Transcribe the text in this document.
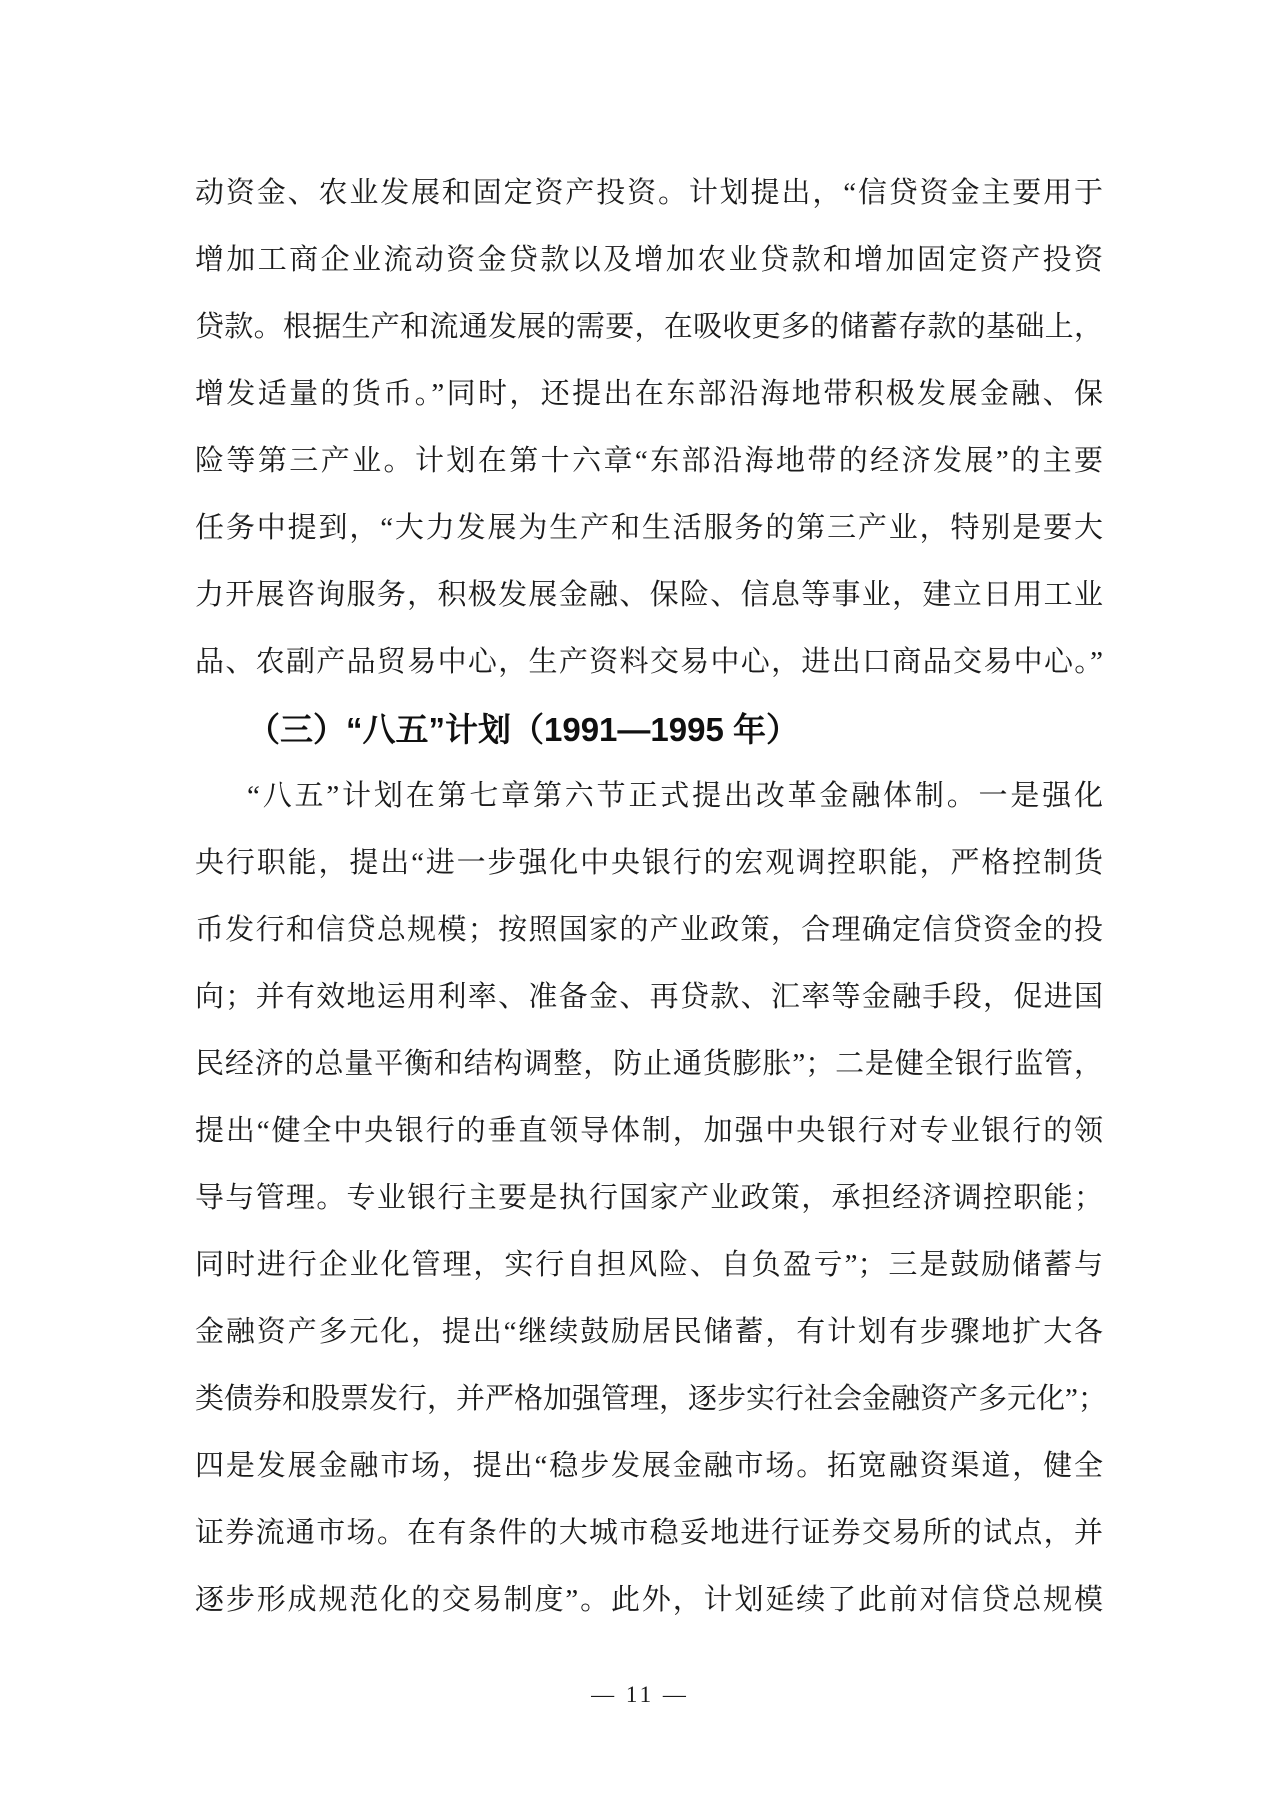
动资金、农业发展和固定资产投资。计划提出，“信贷资金主要用于

增加工商企业流动资金贷款以及增加农业贷款和增加固定资产投资

贷款。根据生产和流通发展的需要，在吸收更多的储蓄存款的基础上，

增发适量的货币。”同时，还提出在东部沿海地带积极发展金融、保

险等第三产业。计划在第十六章“东部沿海地带的经济发展”的主要

任务中提到，“大力发展为生产和生活服务的第三产业，特别是要大

力开展咨询服务，积极发展金融、保险、信息等事业，建立日用工业

品、农副产品贸易中心，生产资料交易中心，进出口商品交易中心。”

（三）“八五”计划（1991—1995 年）

“八五”计划在第七章第六节正式提出改革金融体制。一是强化

央行职能，提出“进一步强化中央银行的宏观调控职能，严格控制货

币发行和信贷总规模；按照国家的产业政策，合理确定信贷资金的投

向；并有效地运用利率、准备金、再贷款、汇率等金融手段，促进国

民经济的总量平衡和结构调整，防止通货膨胀”；二是健全银行监管，

提出“健全中央银行的垂直领导体制，加强中央银行对专业银行的领

导与管理。专业银行主要是执行国家产业政策，承担经济调控职能；

同时进行企业化管理，实行自担风险、自负盈亏”；三是鼓励储蓄与

金融资产多元化，提出“继续鼓励居民储蓄，有计划有步骤地扩大各

类债券和股票发行，并严格加强管理，逐步实行社会金融资产多元化”；

四是发展金融市场，提出“稳步发展金融市场。拓宽融资渠道，健全

证券流通市场。在有条件的大城市稳妥地进行证券交易所的试点，并

逐步形成规范化的交易制度”。此外，计划延续了此前对信贷总规模

— 11 —
